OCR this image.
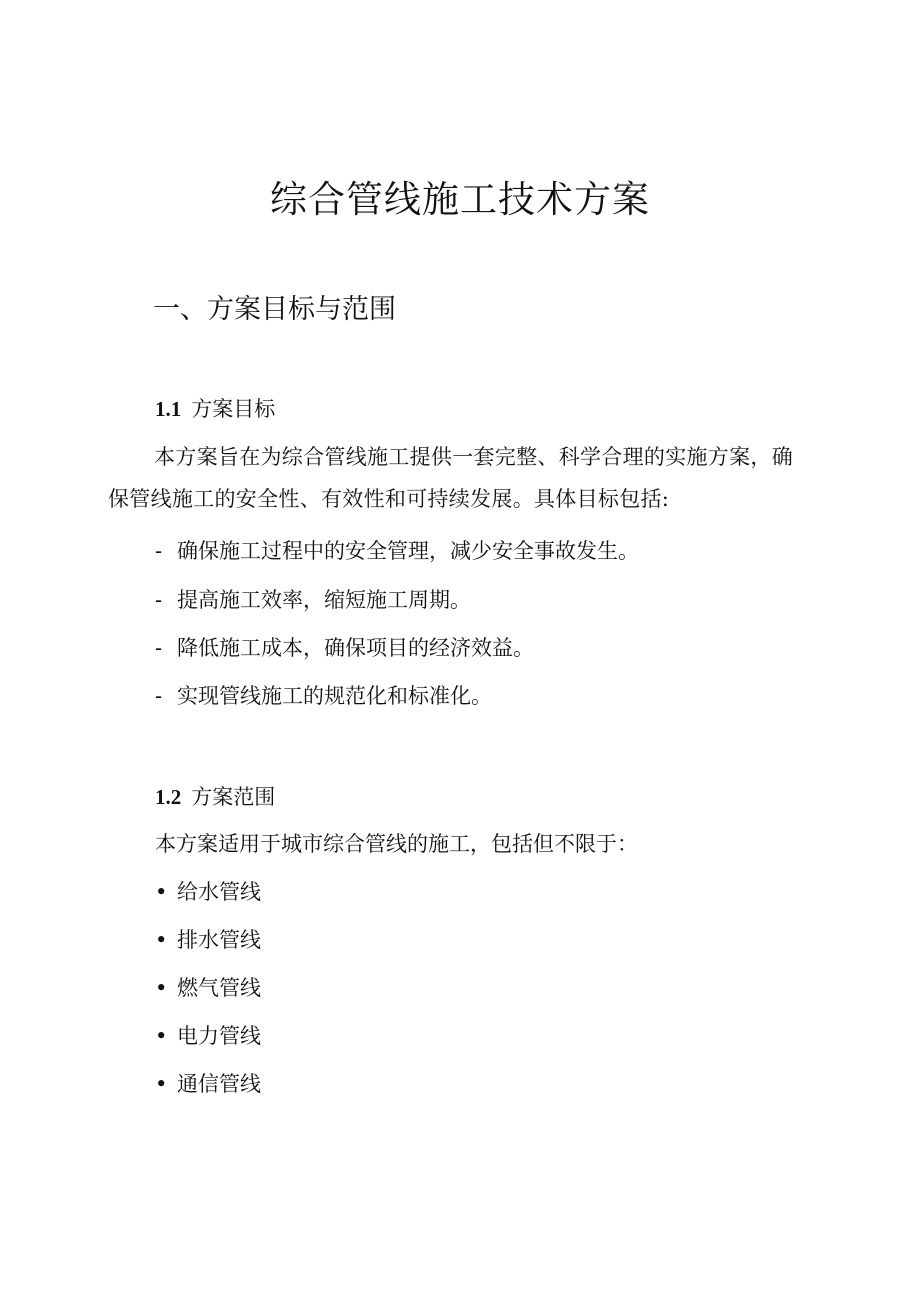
综合管线施工技术方案
一、方案目标与范围
1.1 方案目标

本方案旨在为综合管线施工提供一套完整、科学合理的实施方案，确保管线施工的安全性、有效性和可持续发展。具体目标包括:

- 确保施工过程中的安全管理，减少安全事故发生。

- 提高施工效率，缩短施工周期。

- 降低施工成本，确保项目的经济效益。

- 实现管线施工的规范化和标准化。

1.2 方案范围

本方案适用于城市综合管线的施工，包括但不限于：

• 给水管线

• 排水管线

• 燃气管线

• 电力管线

• 通信管线
